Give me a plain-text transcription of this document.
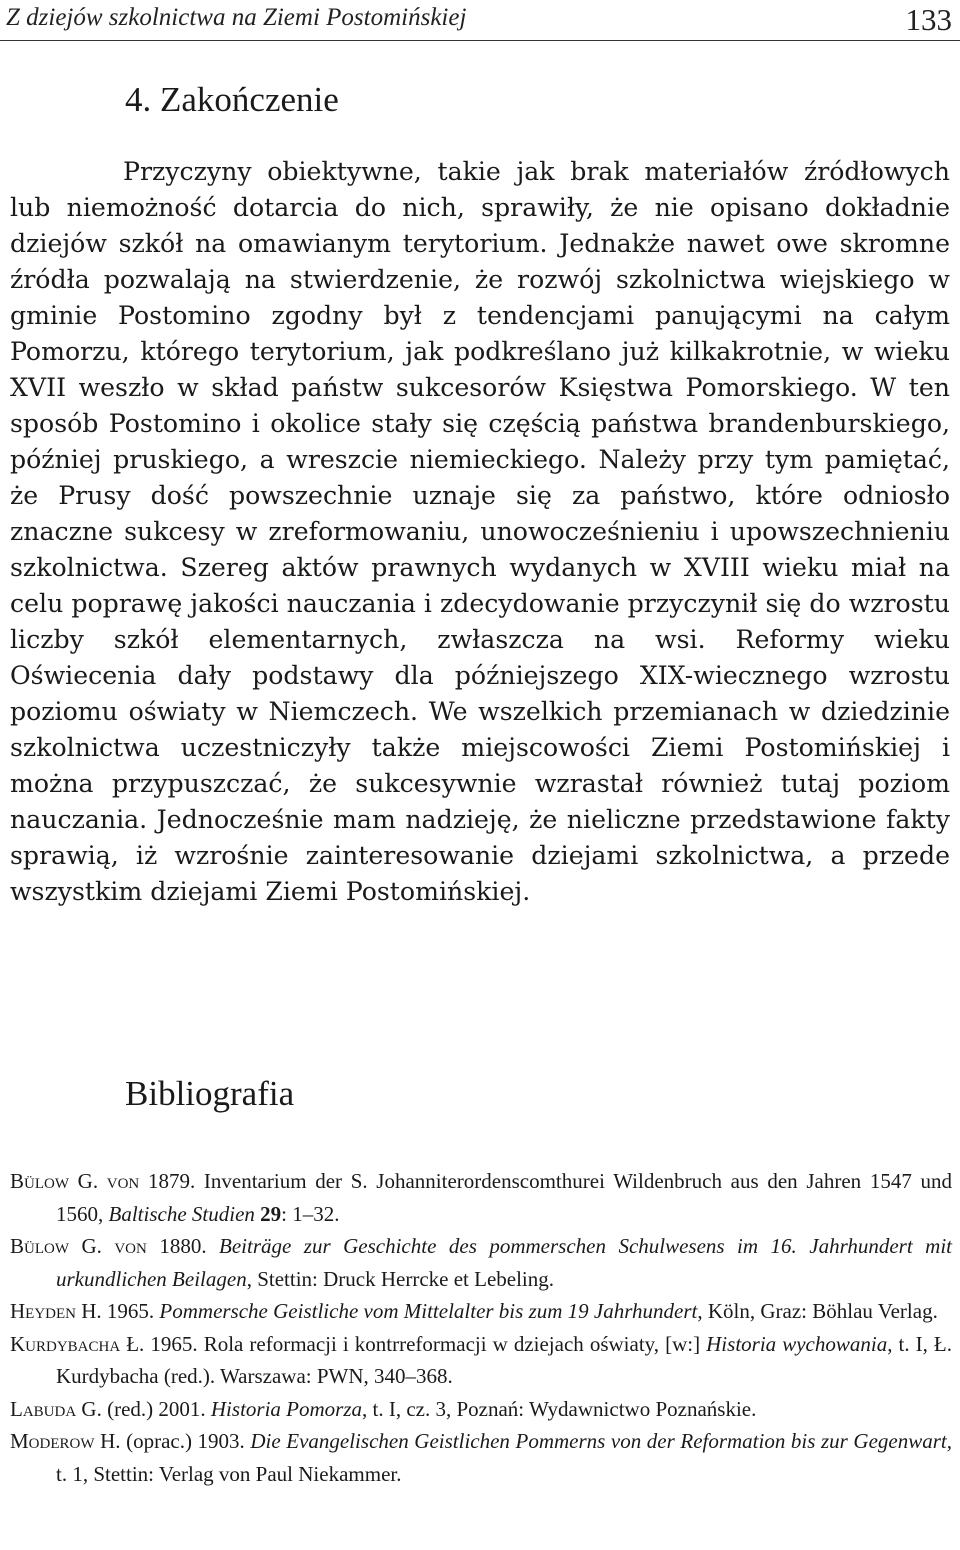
Z dziejów szkolnictwa na Ziemi Postomińskiej	133
4. Zakończenie

Przyczyny obiektywne, takie jak brak materiałów źródłowych lub niemożność dotarcia do nich, sprawiły, że nie opisano dokładnie dziejów szkół na omawianym terytorium. Jednakże nawet owe skromne źródła pozwalają na stwierdzenie, że rozwój szkolnictwa wiejskiego w gminie Postomino zgodny był z tendencjami panującymi na całym Pomorzu, którego terytorium, jak podkreślano już kilkakrotnie, w wieku XVII weszło w skład państw sukcesorów Księstwa Pomorskiego. W ten sposób Postomino i okolice stały się częścią państwa brandenburskiego, później pruskiego, a wreszcie niemieckiego. Należy przy tym pamiętać, że Prusy dość powszechnie uznaje się za państwo, które odniosło znaczne sukcesy w zreformowaniu, unowocześnieniu i upowszechnieniu szkolnictwa. Szereg aktów prawnych wydanych w XVIII wieku miał na celu poprawę jakości nauczania i zdecydowanie przyczynił się do wzrostu liczby szkół elementarnych, zwłaszcza na wsi. Reformy wieku Oświecenia dały podstawy dla późniejszego XIX-wiecznego wzrostu poziomu oświaty w Niemczech. We wszelkich przemianach w dziedzinie szkolnictwa uczestniczyły także miejscowości Ziemi Postomińskiej i można przypuszczać, że sukcesywnie wzrastał również tutaj poziom nauczania. Jednocześnie mam nadzieję, że nieliczne przedstawione fakty sprawią, iż wzrośnie zainteresowanie dziejami szkolnictwa, a przede wszystkim dziejami Ziemi Postomińskiej.

Bibliografia

Bülow G. von 1879. Inventarium der S. Johanniterordenscomthurei Wildenbruch aus den Jahren 1547 und 1560, Baltische Studien 29: 1–32.

Bülow G. von 1880. Beiträge zur Geschichte des pommerschen Schulwesens im 16. Jahrhundert mit urkundlichen Beilagen, Stettin: Druck Herrcke et Lebeling.

Heyden H. 1965. Pommersche Geistliche vom Mittelalter bis zum 19 Jahrhundert, Köln, Graz: Böhlau Verlag.

Kurdybacha Ł. 1965. Rola reformacji i kontrreformacji w dziejach oświaty, [w:] Historia wychowania, t. I, Ł. Kurdybacha (red.). Warszawa: PWN, 340–368.

Labuda G. (red.) 2001. Historia Pomorza, t. I, cz. 3, Poznań: Wydawnictwo Poznańskie.

Moderow H. (oprac.) 1903. Die Evangelischen Geistlichen Pommerns von der Reformation bis zur Gegenwart, t. 1, Stettin: Verlag von Paul Niekammer.
